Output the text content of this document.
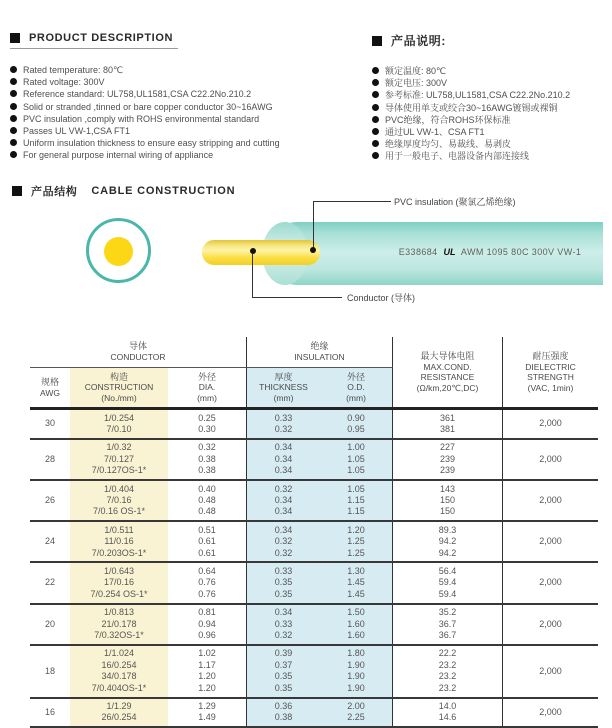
PRODUCT DESCRIPTION
Rated temperature: 80℃
Rated voltage: 300V
Reference standard: UL758,UL1581,CSA C22.2No.210.2
Solid or stranded ,tinned or bare copper conductor 30~16AWG
PVC insulation ,comply with ROHS environmental standard
Passes UL VW-1,CSA FT1
Uniform insulation thickness to ensure easy stripping and cutting
For general purpose internal wiring of appliance
产品说明:
额定温度: 80℃
额定电压: 300V
参考标准: UL758,UL1581,CSA C22.2No.210.2
导体使用单支或绞合30~16AWG镀锡或裸铜
PVC绝缘，符合ROHS环保标准
通过UL VW-1、CSA FT1
绝缘厚度均匀、易裁线、易剥皮
用于一般电子、电器设备内部连接线
产品结构 CABLE CONSTRUCTION
E338684 UL AWM 1095 80C 300V VW-1
PVC insulation (聚氯乙烯绝缘)
Conductor (导体)
导体
CONDUCTOR
绝缘
INSULATION	最大导体电阻
MAX.COND.
RESISTANCE
(Ω/km,20℃,DC)
耐压强度
DIELECTRIC
STRENGTH
(VAC, 1min)
规格
AWG
构造
CONSTRUCTION
(No./mm)
外径
DIA.
(mm)
厚度
THICKNESS
(mm)
外径
O.D.
(mm)
30
1/0.254
7/0.10
0.25
0.30
0.33
0.32
0.90
0.95
361
381
2,000
28
1/0.32
7/0.127
7/0.127OS-1*
0.32
0.38
0.38
0.34
0.34
0.34
1.00
1.05
1.05
227
239
239
2,000
26
1/0.404
7/0.16
7/0.16 OS-1*
0.40
0.48
0.48
0.32
0.34
0.34
1.05
1.15
1.15
143
150
150
2,000
24
1/0.511
11/0.16
7/0.203OS-1*
0.51
0.61
0.61
0.34
0.32
0.32
1.20
1.25
1.25
89.3
94.2
94.2
2,000
22
1/0.643
17/0.16
7/0.254 OS-1*
0.64
0.76
0.76
0.33
0.35
0.35
1.30
1.45
1.45
56.4
59.4
59.4
2,000
20
1/0.813
21/0.178
7/0.32OS-1*
0.81
0.94
0.96
0.34
0.33
0.32
1.50
1.60
1.60
35.2
36.7
36.7
2,000
18
1/1.024
16/0.254
34/0.178
7/0.404OS-1*
1.02
1.17
1.20
1.20
0.39
0.37
0.35
0.35
1.80
1.90
1.90
1.90
22.2
23.2
23.2
23.2
2,000
16
1/1.29
26/0.254
1.29
1.49
0.36
0.38
2.00
2.25
14.0
14.6
2,000
